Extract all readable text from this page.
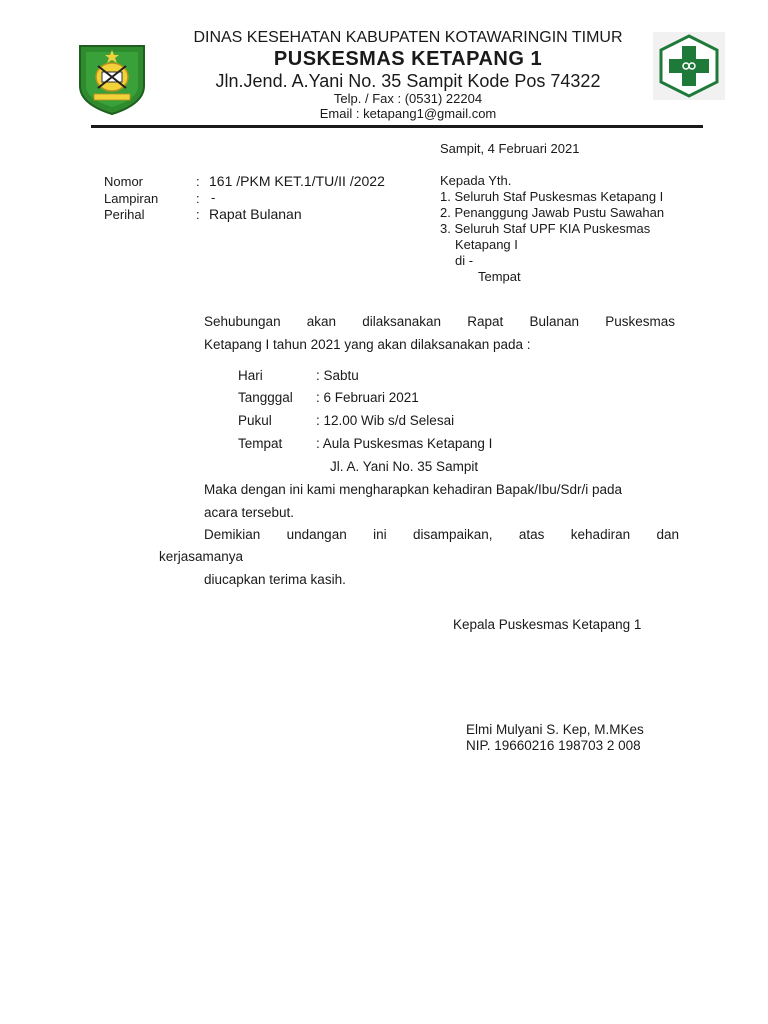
DINAS KESEHATAN KABUPATEN KOTAWARINGIN TIMUR
PUSKESMAS KETAPANG 1
Jln.Jend. A.Yani No. 35 Sampit Kode Pos 74322
Telp. / Fax : (0531) 22204
Email : ketapang1@gmail.com
Sampit, 4 Februari 2021
Nomor	: 161 /PKM KET.1/TU/II /2022
Lampiran	: -
Perihal	: Rapat Bulanan
Kepada Yth.
1. Seluruh Staf Puskesmas Ketapang I
2. Penanggung Jawab Pustu Sawahan
3. Seluruh Staf UPF KIA Puskesmas
Ketapang I
di -
Tempat
Sehubungan akan dilaksanakan Rapat Bulanan Puskesmas
Ketapang I tahun 2021 yang akan dilaksanakan pada :
Hari	: Sabtu
Tangggal : 6 Februari 2021
Pukul	: 12.00 Wib s/d Selesai
Tempat : Aula Puskesmas Ketapang I
Jl. A. Yani No. 35 Sampit
Maka dengan ini kami mengharapkan kehadiran Bapak/Ibu/Sdr/i pada
acara tersebut.
Demikian undangan ini disampaikan, atas kehadiran dan
kerjasamanya
diucapkan terima kasih.
Kepala Puskesmas Ketapang 1
Elmi Mulyani S. Kep, M.MKes
NIP. 19660216 198703 2 008
